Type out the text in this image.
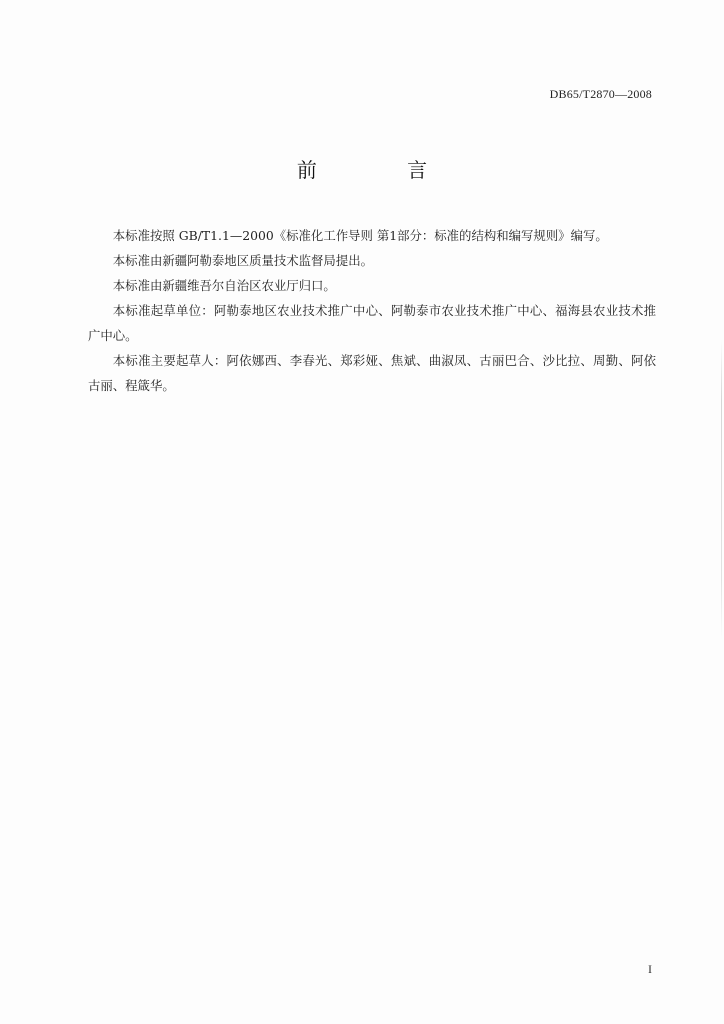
DB65/T2870—2008
前 言

本标准按照 GB/T1.1—2000《标准化工作导则 第1部分：标准的结构和编写规则》编写。

本标准由新疆阿勒泰地区质量技术监督局提出。

本标准由新疆维吾尔自治区农业厅归口。

本标准起草单位：阿勒泰地区农业技术推广中心、阿勒泰市农业技术推广中心、福海县农业技术推广中心。

本标准主要起草人：阿依娜西、李春光、郑彩娅、焦斌、曲淑凤、古丽巴合、沙比拉、周勤、阿依古丽、程箴华。

I
